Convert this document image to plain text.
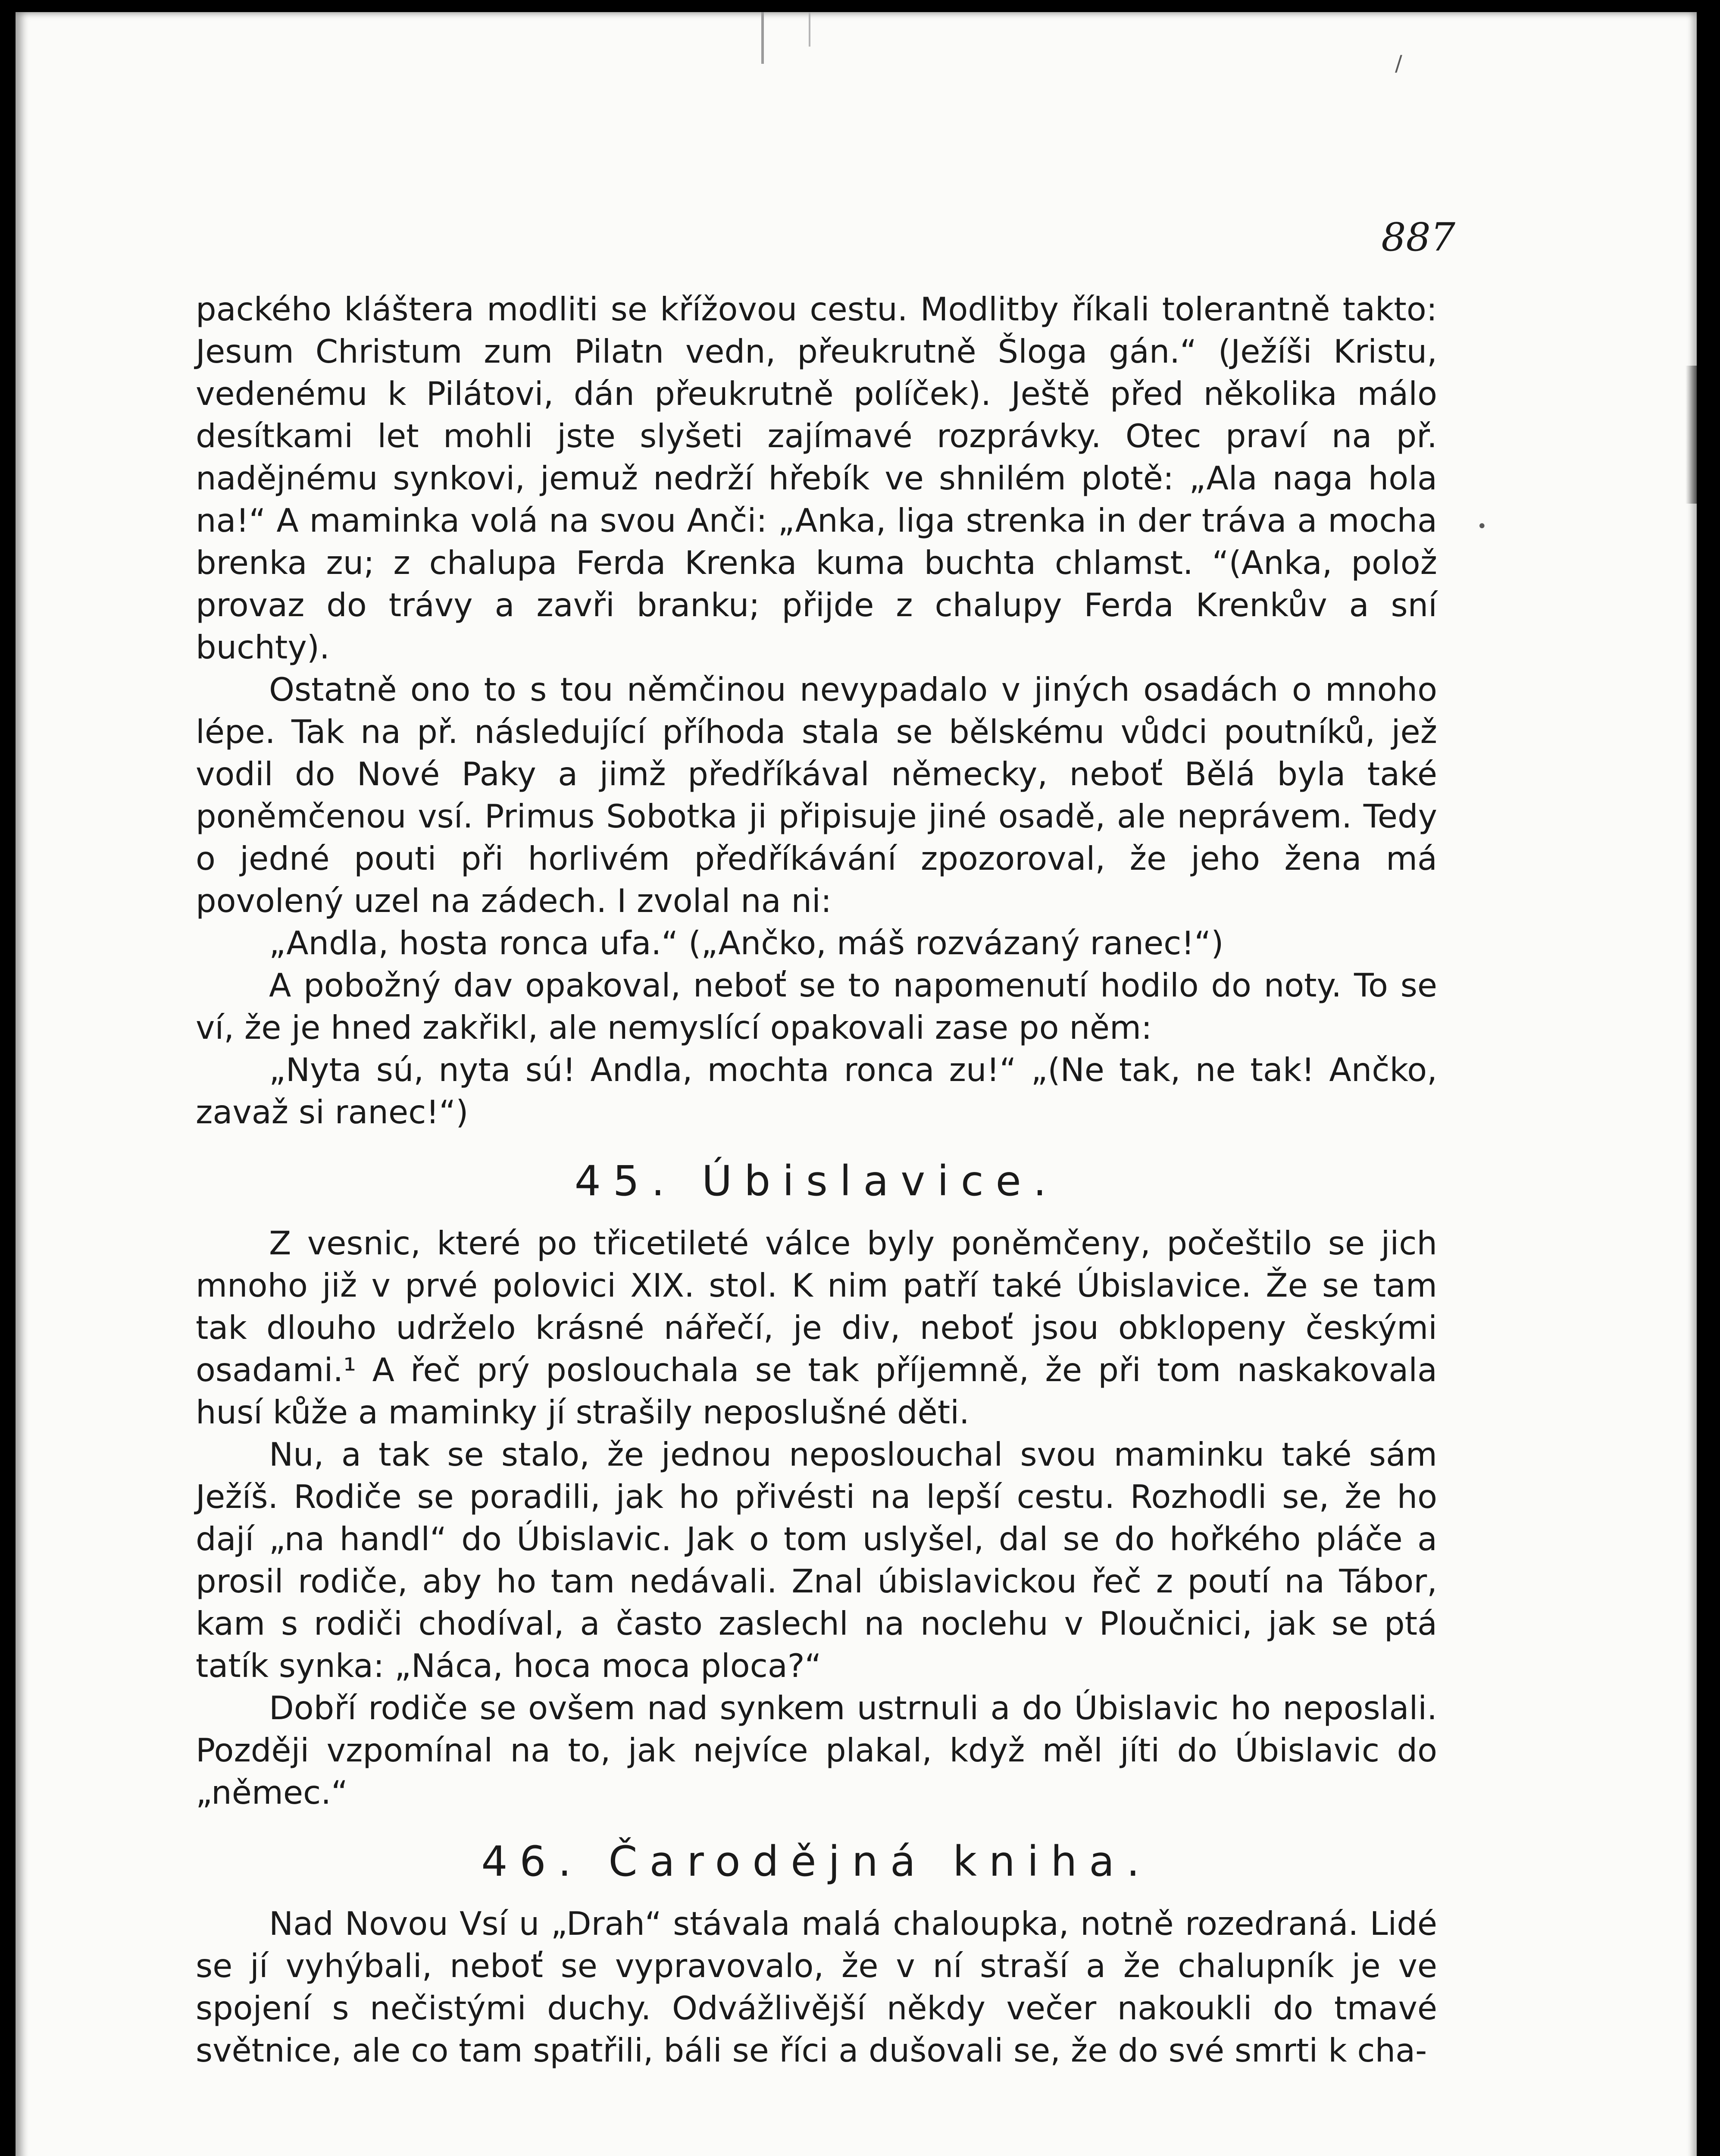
/
•
887

packého kláštera modliti se křížovou cestu. Modlitby říkali tolerantně takto: Jesum Christum zum Pilatn vedn, přeukrutně Šloga gán.“ (Ježíši Kristu, vedenému k Pilátovi, dán přeukrutně políček). Ještě před několika málo desítkami let mohli jste slyšeti zajímavé rozprávky. Otec praví na př. nadějnému synkovi, jemuž nedrží hřebík ve shnilém plotě: „Ala naga hola na!“ A maminka volá na svou Anči: „Anka, liga strenka in der tráva a mocha brenka zu; z chalupa Ferda Krenka kuma buchta chlamst. “(Anka, polož provaz do trávy a zavři branku; přijde z chalupy Ferda Krenkův a sní buchty).

Ostatně ono to s tou němčinou nevypadalo v jiných osadách o mnoho lépe. Tak na př. následující příhoda stala se bělskému vůdci poutníků, jež vodil do Nové Paky a jimž předříkával německy, neboť Bělá byla také poněmčenou vsí. Primus Sobotka ji připisuje jiné osadě, ale neprávem. Tedy o jedné pouti při horlivém předříkávání zpozoroval, že jeho žena má povolený uzel na zádech. I zvolal na ni:

„Andla, hosta ronca ufa.“ („Ančko, máš rozvázaný ranec!“)

A pobožný dav opakoval, neboť se to napomenutí hodilo do noty. To se ví, že je hned zakřikl, ale nemyslící opakovali zase po něm:

„Nyta sú, nyta sú! Andla, mochta ronca zu!“ „(Ne tak, ne tak! Ančko, zavaž si ranec!“)

45. Úbislavice.

Z vesnic, které po třicetileté válce byly poněmčeny, počeštilo se jich mnoho již v prvé polovici XIX. stol. K nim patří také Úbislavice. Že se tam tak dlouho udrželo krásné nářečí, je div, neboť jsou obklopeny českými osadami.¹ A řeč prý poslouchala se tak příjemně, že při tom naskakovala husí kůže a maminky jí strašily neposlušné děti.

Nu, a tak se stalo, že jednou neposlouchal svou maminku také sám Ježíš. Rodiče se poradili, jak ho přivésti na lepší cestu. Rozhodli se, že ho dají „na handl“ do Úbislavic. Jak o tom uslyšel, dal se do hořkého pláče a prosil rodiče, aby ho tam nedávali. Znal úbislavickou řeč z poutí na Tábor, kam s rodiči chodíval, a často zaslechl na noclehu v Ploučnici, jak se ptá tatík synka: „Náca, hoca moca ploca?“

Dobří rodiče se ovšem nad synkem ustrnuli a do Úbislavic ho neposlali. Později vzpomínal na to, jak nejvíce plakal, když měl jíti do Úbislavic do „němec.“

46. Čarodějná kniha.

Nad Novou Vsí u „Drah“ stávala malá chaloupka, notně rozedraná. Lidé se jí vyhýbali, neboť se vypravovalo, že v ní straší a že chalupník je ve spojení s nečistými duchy. Odvážlivější někdy večer nakoukli do tmavé světnice, ale co tam spatřili, báli se říci a dušovali se, že do své smrti k cha-
